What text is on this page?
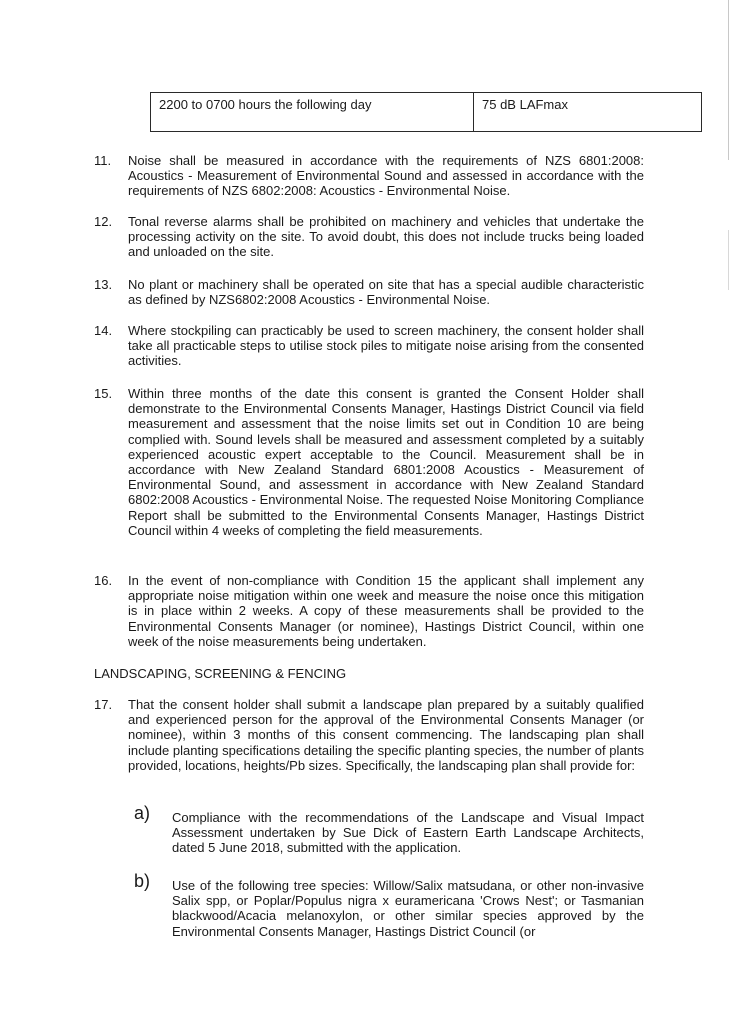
2200 to 0700 hours the following day	75 dB LAFmax
11.	Noise shall be measured in accordance with the requirements of NZS 6801:2008: Acoustics - Measurement of Environmental Sound and assessed in accordance with the requirements of NZS 6802:2008: Acoustics - Environmental Noise.
12.	Tonal reverse alarms shall be prohibited on machinery and vehicles that undertake the processing activity on the site. To avoid doubt, this does not include trucks being loaded and unloaded on the site.
13.	No plant or machinery shall be operated on site that has a special audible characteristic as defined by NZS6802:2008 Acoustics - Environmental Noise.
14.	Where stockpiling can practicably be used to screen machinery, the consent holder shall take all practicable steps to utilise stock piles to mitigate noise arising from the consented activities.
15.	Within three months of the date this consent is granted the Consent Holder shall demonstrate to the Environmental Consents Manager, Hastings District Council via field measurement and assessment that the noise limits set out in Condition 10 are being complied with. Sound levels shall be measured and assessment completed by a suitably experienced acoustic expert acceptable to the Council. Measurement shall be in accordance with New Zealand Standard 6801:2008 Acoustics - Measurement of Environmental Sound, and assessment in accordance with New Zealand Standard 6802:2008 Acoustics - Environmental Noise. The requested Noise Monitoring Compliance Report shall be submitted to the Environmental Consents Manager, Hastings District Council within 4 weeks of completing the field measurements.
16.	In the event of non-compliance with Condition 15 the applicant shall implement any appropriate noise mitigation within one week and measure the noise once this mitigation is in place within 2 weeks. A copy of these measurements shall be provided to the Environmental Consents Manager (or nominee), Hastings District Council, within one week of the noise measurements being undertaken.
LANDSCAPING, SCREENING & FENCING
17.	That the consent holder shall submit a landscape plan prepared by a suitably qualified and experienced person for the approval of the Environmental Consents Manager (or nominee), within 3 months of this consent commencing. The landscaping plan shall include planting specifications detailing the specific planting species, the number of plants provided, locations, heights/Pb sizes. Specifically, the landscaping plan shall provide for:
a) Compliance with the recommendations of the Landscape and Visual Impact Assessment undertaken by Sue Dick of Eastern Earth Landscape Architects, dated 5 June 2018, submitted with the application.
b) Use of the following tree species: Willow/Salix matsudana, or other non-invasive Salix spp, or Poplar/Populus nigra x euramericana 'Crows Nest'; or Tasmanian blackwood/Acacia melanoxylon, or other similar species approved by the Environmental Consents Manager, Hastings District Council (or
